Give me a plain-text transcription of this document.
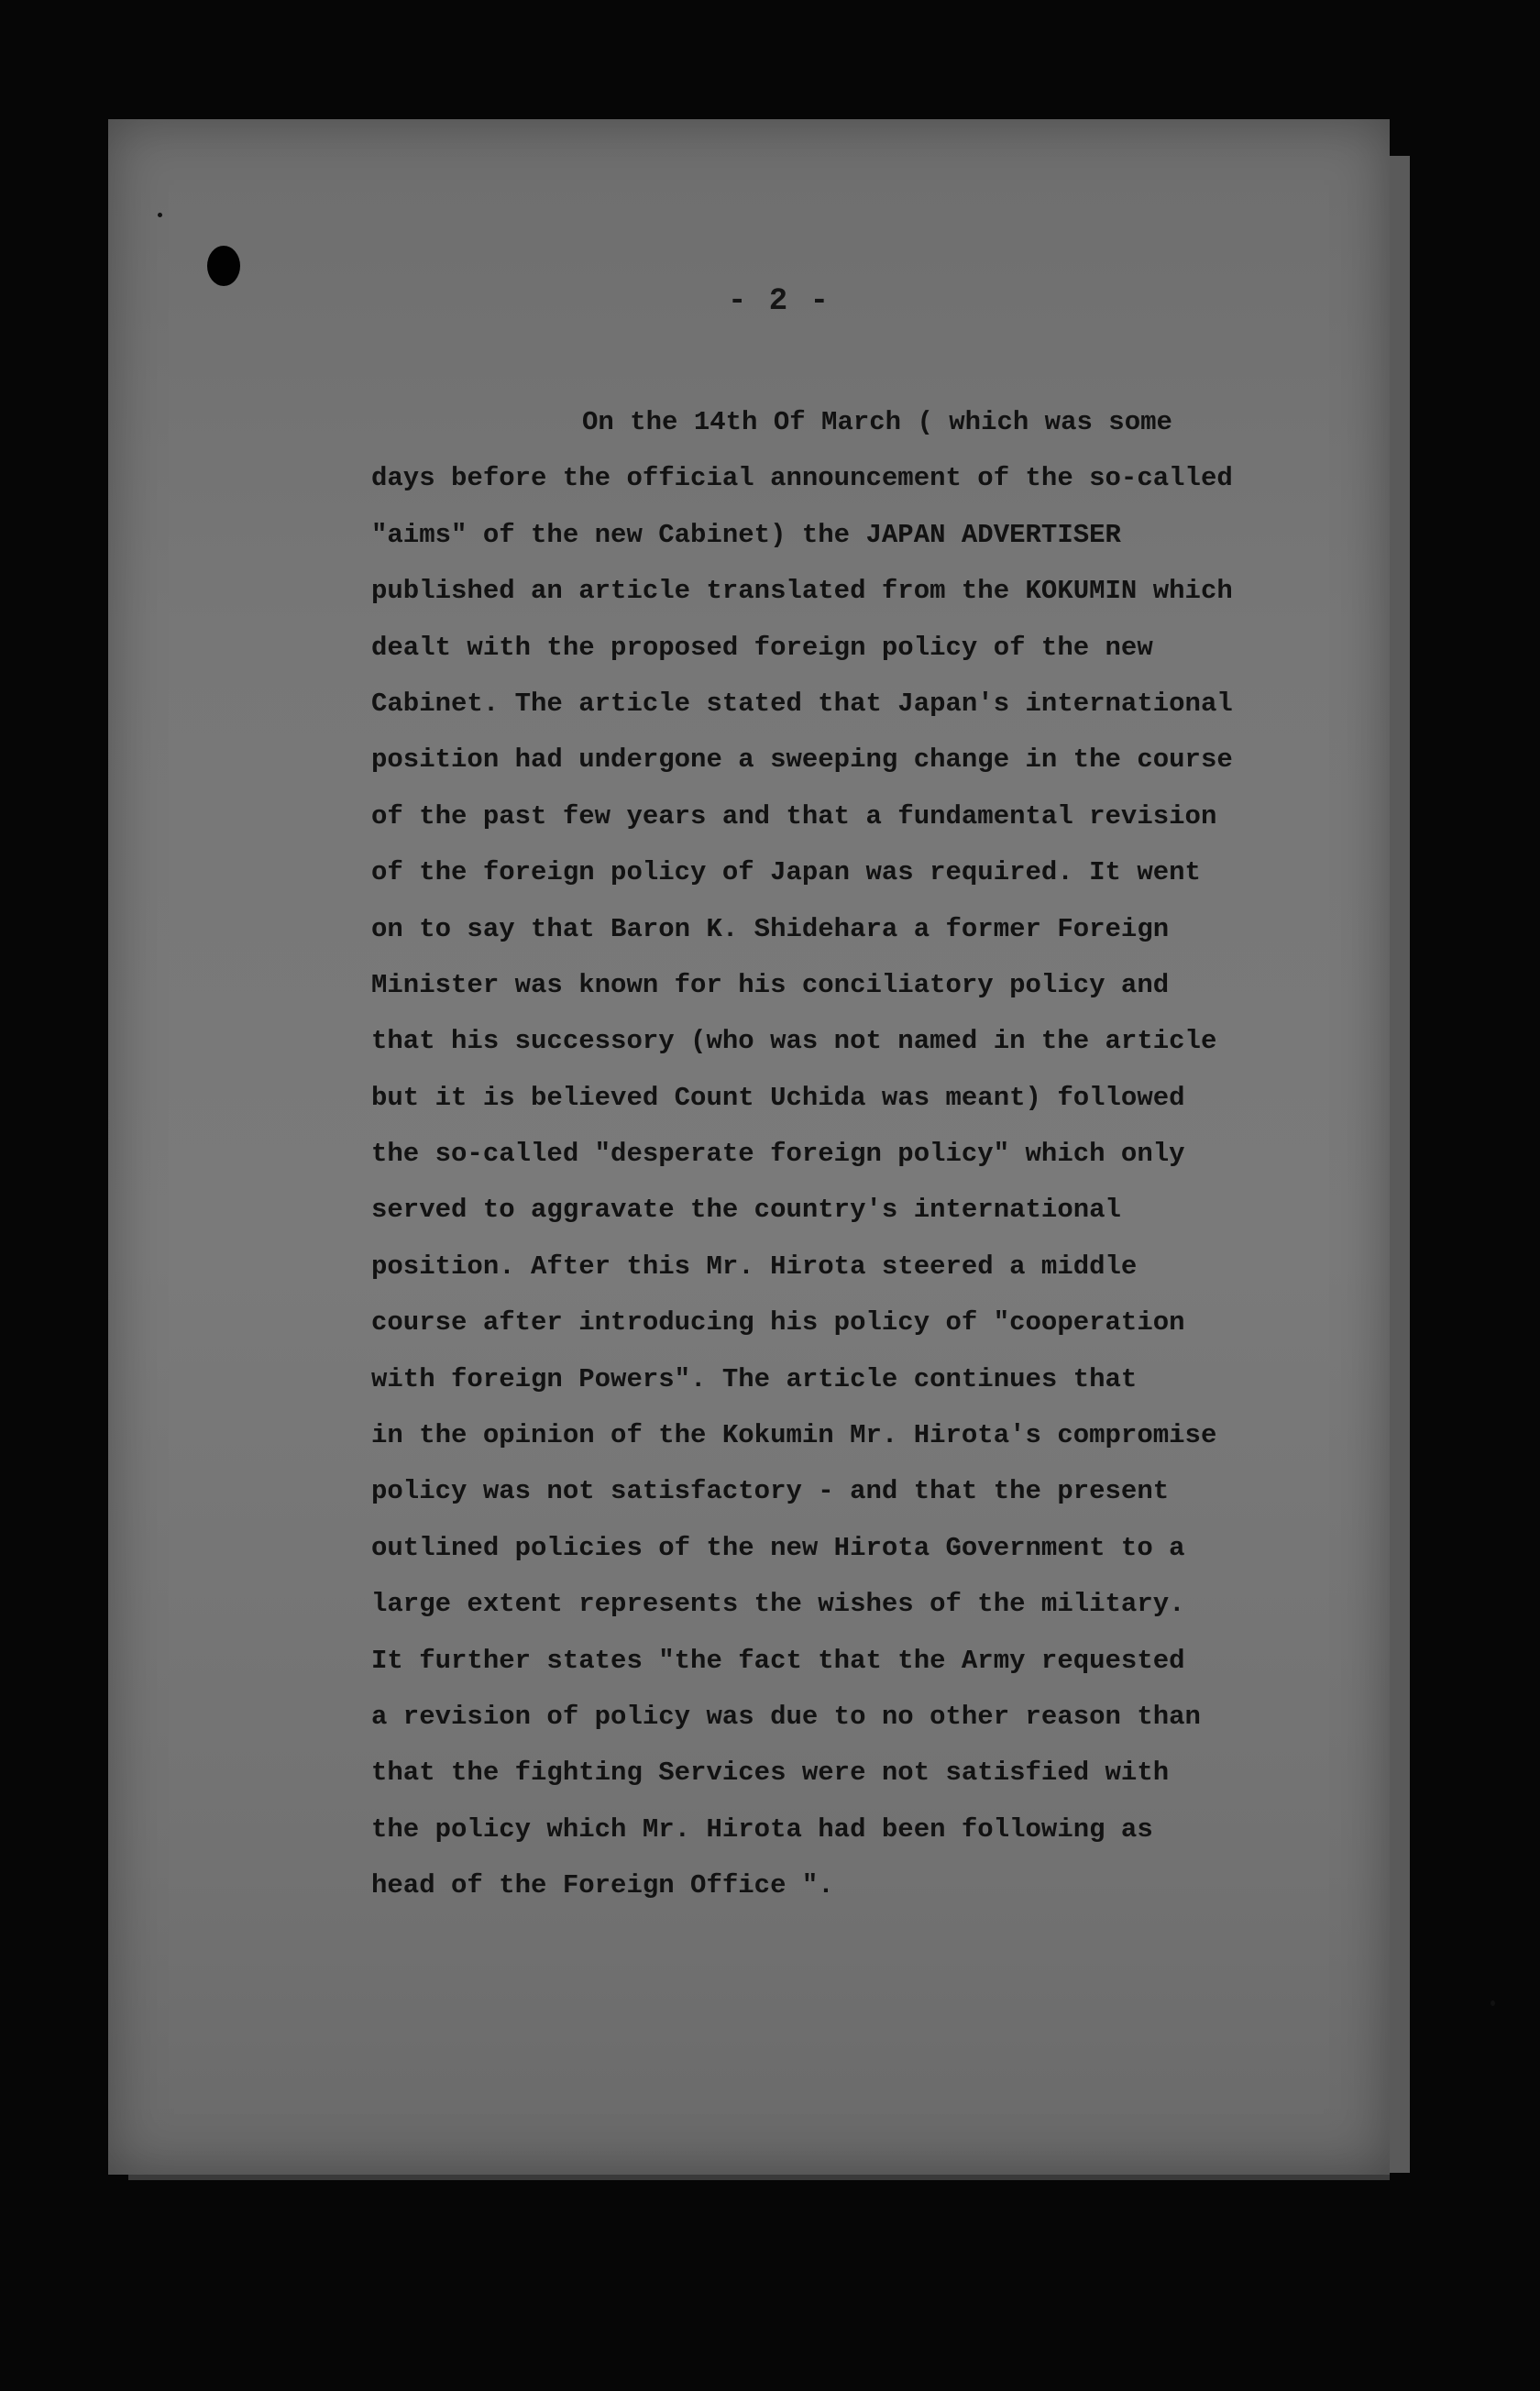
- 2 -
On the 14th Of March ( which was some
days before the official announcement of the so-called
"aims" of the new Cabinet) the JAPAN ADVERTISER
published an article translated from the KOKUMIN which
dealt with the proposed foreign policy of the new
Cabinet. The article stated that Japan's international
position had undergone a sweeping change in the course
of the past few years and that a fundamental revision
of the foreign policy of Japan was required. It went
on to say that Baron K. Shidehara a former Foreign
Minister was known for his conciliatory policy and
that his successory (who was not named in the article
but it is believed Count Uchida was meant) followed
the so-called "desperate foreign policy" which only
served to aggravate the country's international
position. After this Mr. Hirota steered a middle
course after introducing his policy of "cooperation
with foreign Powers". The article continues that
in the opinion of the Kokumin Mr. Hirota's compromise
policy was not satisfactory - and that the present
outlined policies of the new Hirota Government to a
large extent represents the wishes of the military.
It further states "the fact that the Army requested
a revision of policy was due to no other reason than
that the fighting Services were not satisfied with
the policy which Mr. Hirota had been following as
head of the Foreign Office ".
